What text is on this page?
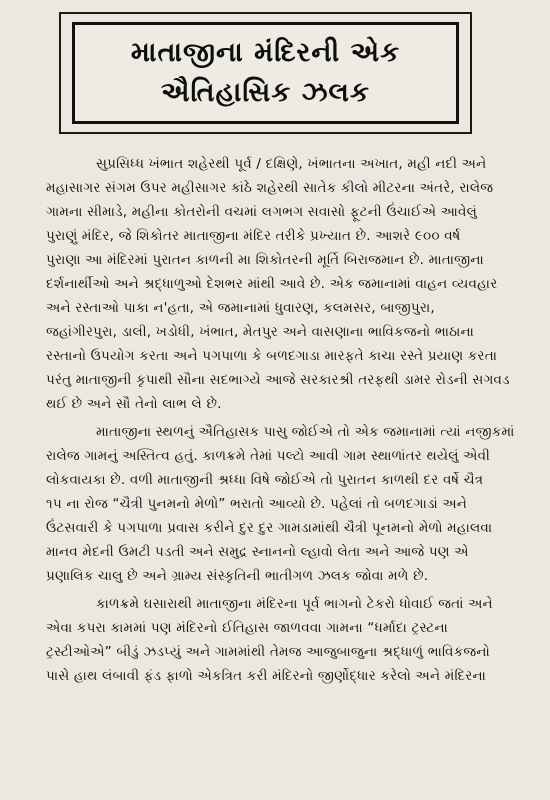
માતાજીના મંદિરની એક
ઐતિહાસિક ઝલક
સુપ્રસિધ્ધ ખંભાત શહેરથી પૂર્વ / દક્ષિણે, ખંભાતના અખાત, મહી નદી અને
મહાસાગર સંગમ ઉપર મહીસાગર કાંઠે શહેરથી સાતેક કીલો મીટરના અંતરે, રાલેજ
ગામના સીમાડે, મહીના કોતરોની વચમાં લગભગ સવાસો ફૂટની ઉંચાઈએ આવેલું
પુરાણું મંદિર, જે શિકોતર માતાજીના મંદિર તરીકે પ્રખ્યાત છે. આશરે ૯૦૦ વર્ષ
પુરાણા આ મંદિરમાં પુરાતન કાળની મા શિકોતરની મૂર્તિ બિરાજમાન છે. માતાજીના
દર્શનાર્થીઓ અને શ્રદ્ધાળુઓ દેશભર માંથી આવે છે. એક જમાનામાં વાહન વ્યવહાર
અને રસ્તાઓ પાકા ન'હતા, એ જમાનામાં ધુવારણ, કલમસર, બાજીપુરા,
જહાંગીરપુરા, ડાલી, ખડોધી, ખંભાત, મેતપુર અને વાસણાના ભાવિકજનો ભાઠાના
રસ્તાનો ઉપયોગ કરતા અને પગપાળા કે બળદગાડા મારફતે કાચા રસ્તે પ્રયાણ કરતા
પરંતુ માતાજીની કૃપાથી સૌના સદભાગ્યે આજે સરકારશ્રી તરફથી ડામર રોડની સગવડ
થઈ છે અને સૌ તેનો લાભ લે છે.
માતાજીના સ્થળનું ઐતિહાસક પાસુ જોઈએ તો એક જમાનામાં ત્યાં નજીકમાં
રાલેજ ગામનું અસ્તિત્વ હતું. કાળક્રમે તેમાં પલ્ટો આવી ગામ સ્થાળાંતર થયેલું એવી
લોકવાયકા છે. વળી માતાજીની શ્રધ્ધા વિષે જોઈએ તો પુરાતન કાળથી દર વર્ષે ચૈત્ર
૧૫ ના રોજ “ચૈત્રી પુનમનો મેળો” ભરાતો આવ્યો છે. પહેલાં તો બળદગાડાં અને
ઉંટસવારી કે પગપાળા પ્રવાસ કરીને દુર દુર ગામડામાંથી ચૈત્રી પૂનમનો મેળો મહાલવા
માનવ મેદની ઉમટી પડતી અને સમુદ્ર સ્નાનનો લ્હાવો લેતા અને આજે પણ એ
પ્રણાલિક ચાલુ છે અને ગ્રામ્ય સંસ્કૃતિની ભાતીગળ ઝલક જોવા મળે છે.
કાળક્રમે ઘસારાથી માતાજીના મંદિરના પૂર્વ ભાગનો ટેકરો ધોવાઈ જતાં અને
એવા કપરા કામમાં પણ મંદિરનો ઈતિહાસ જાળવવા ગામના “ધર્માદા ટ્રસ્ટના
ટ્રસ્ટીઓએ” બીડું ઝડપ્યું અને ગામમાંથી તેમજ આજુબાજુના શ્રદ્ધાળું ભાવિકજનો
પાસે હાથ લંબાવી ફંડ ફાળો એકત્રિત કરી મંદિરનો જીર્ણોદ્ધાર કરેલો અને મંદિરના
